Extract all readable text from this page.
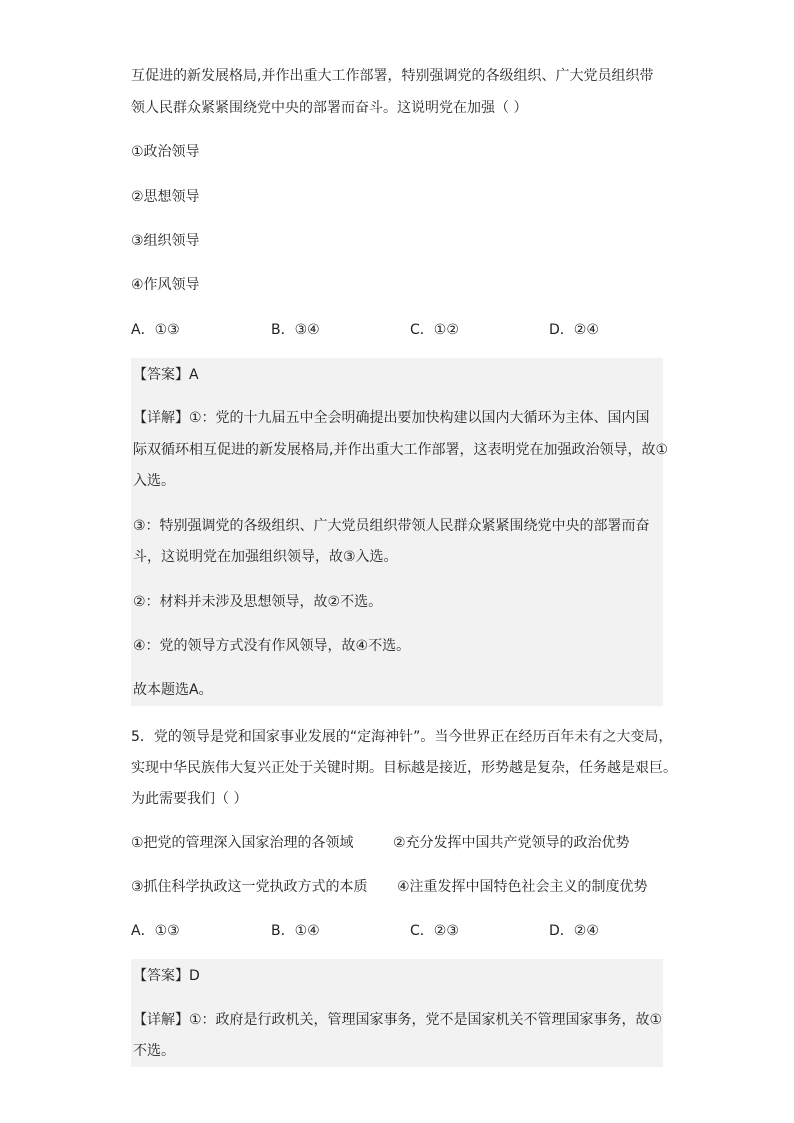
互促进的新发展格局,并作出重大工作部署，特别强调党的各级组织、广大党员组织带
领人民群众紧紧围绕党中央的部署而奋斗。这说明党在加强（ ）
①政治领导
②思想领导
③组织领导
④作风领导
A．①③	B．③④	C．①②	D．②④
【答案】A
【详解】①：党的十九届五中全会明确提出要加快构建以国内大循环为主体、国内国
际双循环相互促进的新发展格局,并作出重大工作部署，这表明党在加强政治领导，故①
入选。
③：特别强调党的各级组织、广大党员组织带领人民群众紧紧围绕党中央的部署而奋
斗，这说明党在加强组织领导，故③入选。
②：材料并未涉及思想领导，故②不选。
④：党的领导方式没有作风领导，故④不选。
故本题选A。
5．党的领导是党和国家事业发展的“定海神针”。当今世界正在经历百年未有之大变局，
实现中华民族伟大复兴正处于关键时期。目标越是接近，形势越是复杂，任务越是艰巨。
为此需要我们（ ）
①把党的管理深入国家治理的各领域	②充分发挥中国共产党领导的政治优势
③抓住科学执政这一党执政方式的本质 ④注重发挥中国特色社会主义的制度优势
A．①③	B．①④	C．②③	D．②④
【答案】D
【详解】①：政府是行政机关，管理国家事务，党不是国家机关不管理国家事务，故①
不选。
